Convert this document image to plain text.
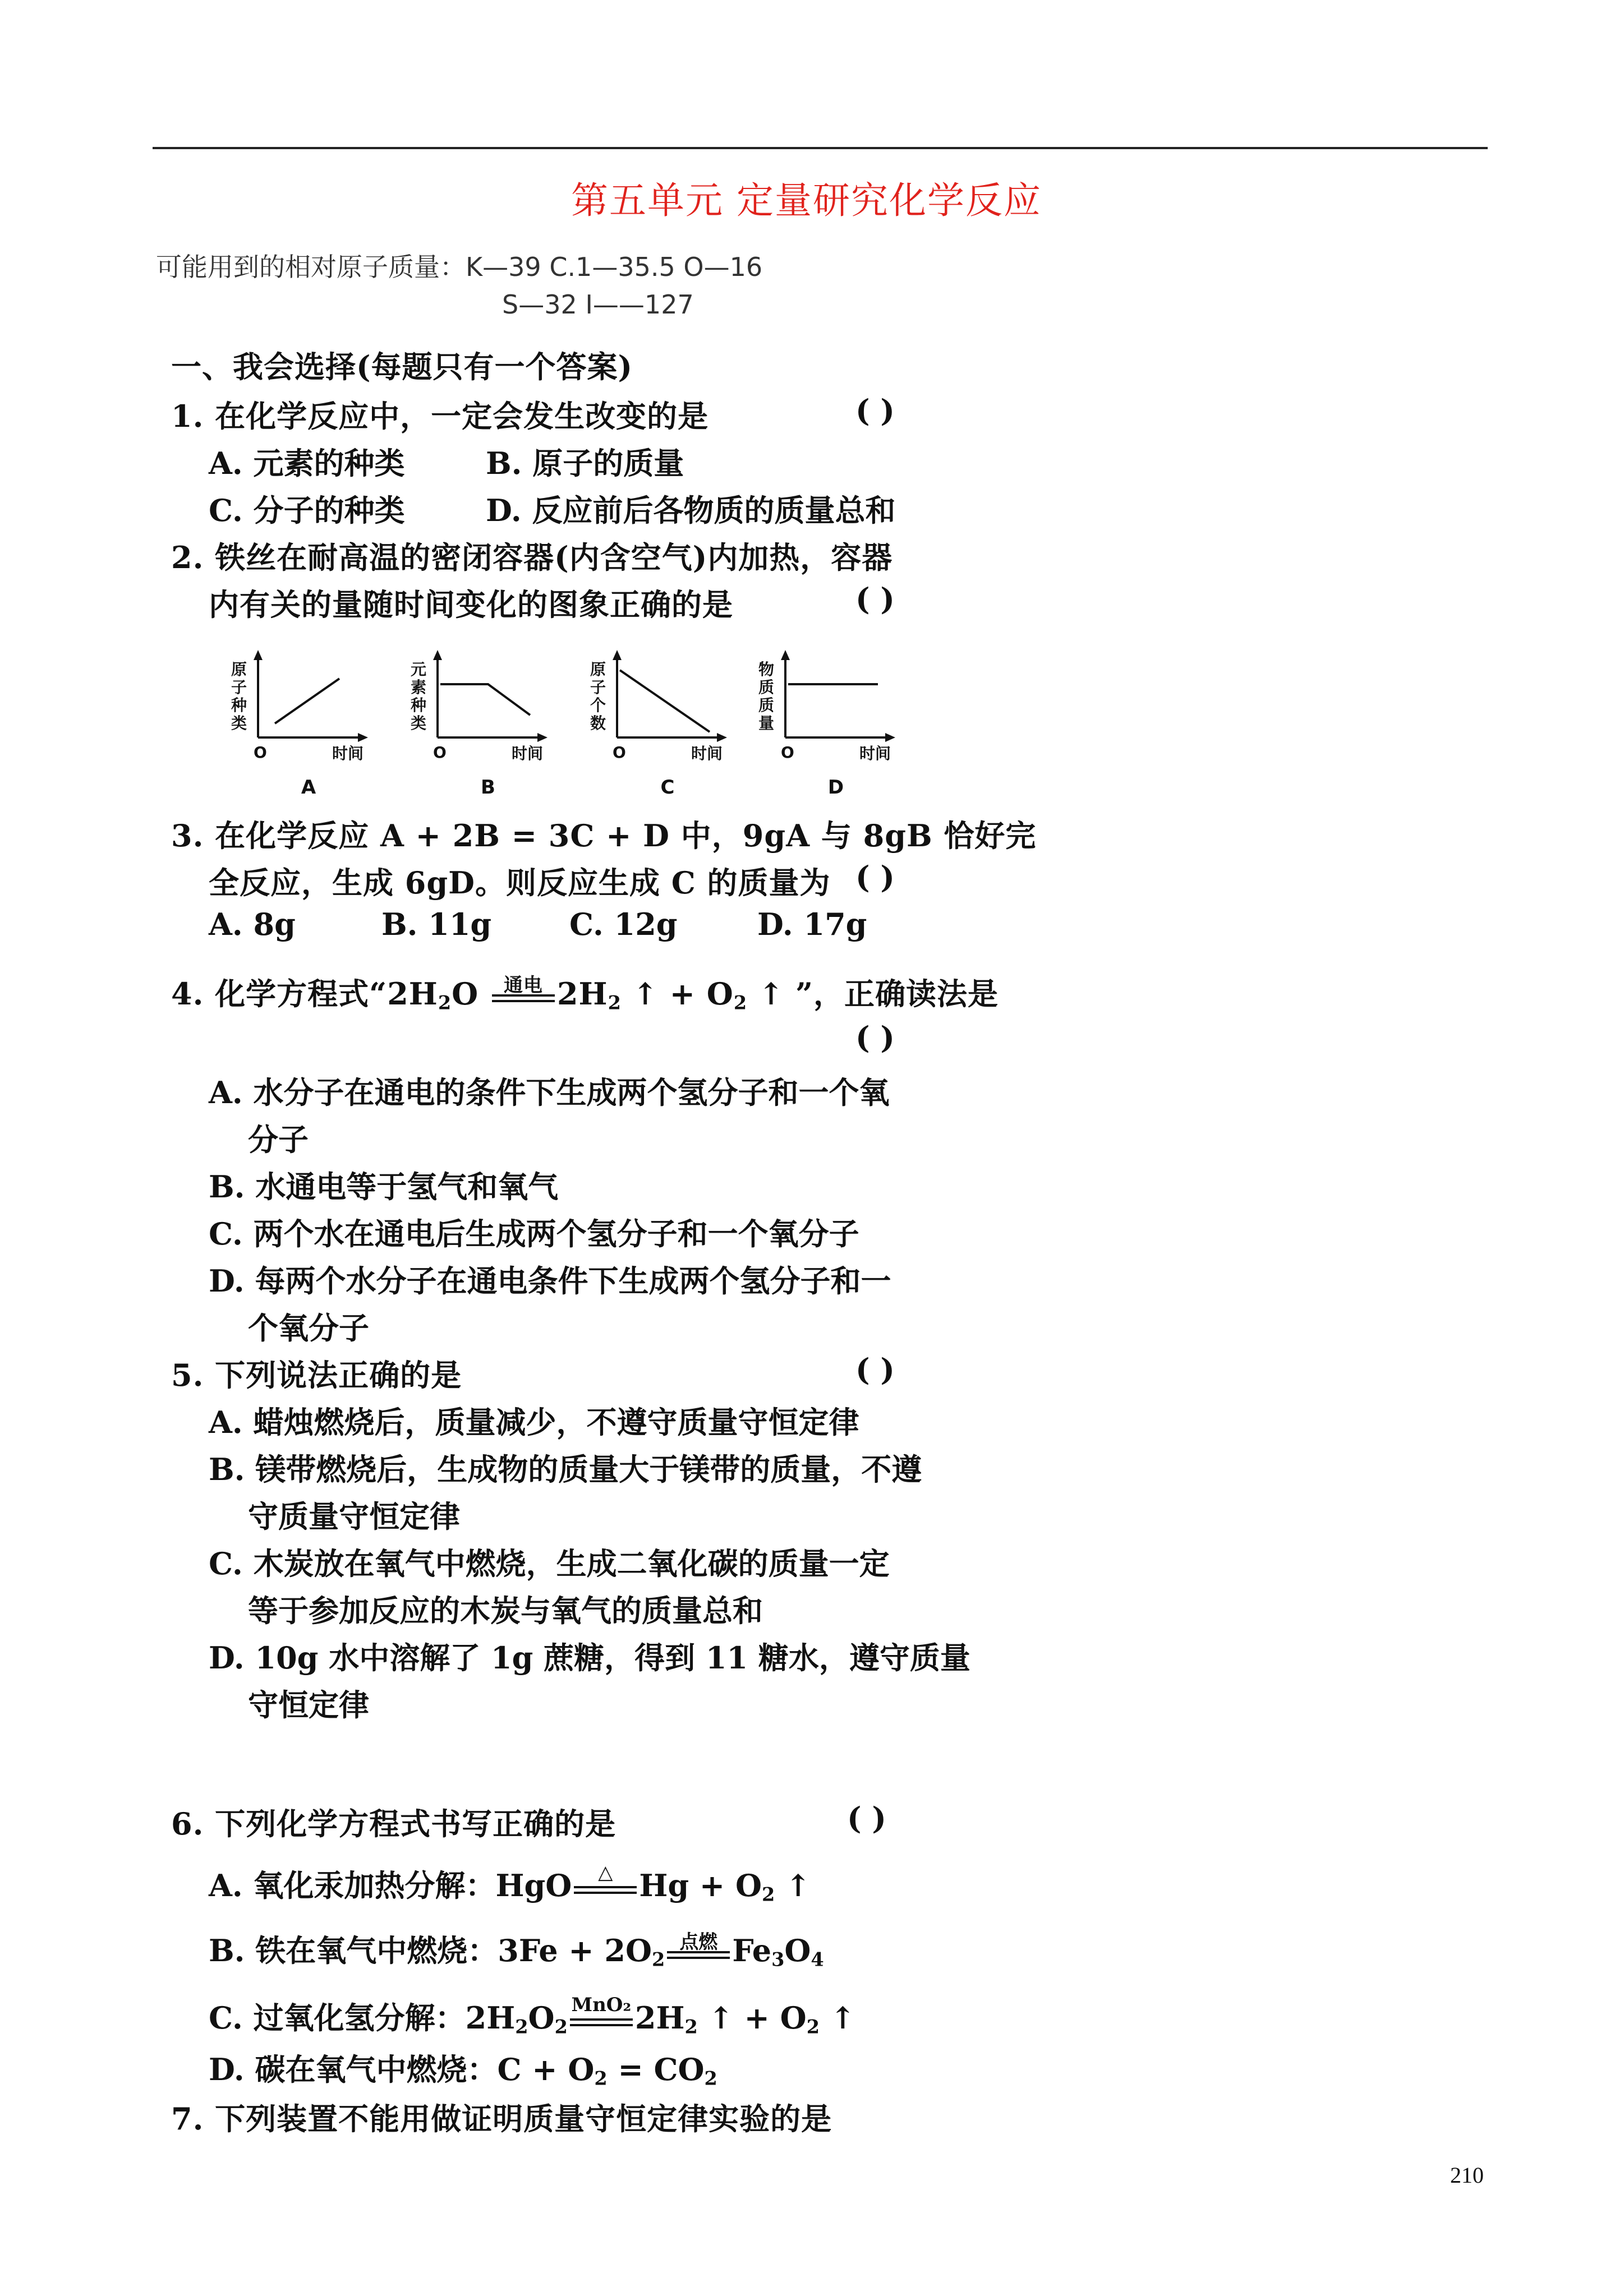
第五单元 定量研究化学反应
可能用到的相对原子质量：K—39 C.1—35.5 O—16
S—32 I——127
一、我会选择(每题只有一个答案)
1. 在化学反应中，一定会发生改变的是	( )
A. 元素的种类	B. 原子的质量
C. 分子的种类	D. 反应前后各物质的质量总和
2. 铁丝在耐高温的密闭容器(内含空气)内加热，容器
内有关的量随时间变化的图象正确的是	( )
原
子
种
类
O	时间
A
元
素
种
类
O	时间
B
原
子
个
数
O	时间
C
物
质
质
量
O	时间
D
3. 在化学反应 A + 2B = 3C + D 中，9gA 与 8gB 恰好完
全反应，生成 6gD。则反应生成 C 的质量为 ( )
A. 8g	B. 11g	C. 12g	D. 17g
4. 化学方程式“$2H_2O$	通电 $2H_2$ ↑ + $O_2$ ↑ ”，正确读法是
( )
A. 水分子在通电的条件下生成两个氢分子和一个氧
分子
B. 水通电等于氢气和氧气
C. 两个水在通电后生成两个氢分子和一个氧分子
D. 每两个水分子在通电条件下生成两个氢分子和一
个氧分子
5. 下列说法正确的是	( )
A. 蜡烛燃烧后，质量减少，不遵守质量守恒定律
B. 镁带燃烧后，生成物的质量大于镁带的质量，不遵
守质量守恒定律
C. 木炭放在氧气中燃烧，生成二氧化碳的质量一定
等于参加反应的木炭与氧气的质量总和
D. 10g 水中溶解了 1g 蔗糖，得到 11 糖水，遵守质量
守恒定律
6. 下列化学方程式书写正确的是	( )
A. 氧化汞加热分解：HgO	△ $Hg + O_2$ ↑
B. 铁在氧气中燃烧：$3Fe + 2O_2$
点燃 $Fe_3O_4$
C. 过氧化氢分解：$2H_2O_2$
MnO₂ $2H_2$ ↑ + $O_2$ ↑
D. 碳在氧气中燃烧：$C + O_2 = CO_2$
7. 下列装置不能用做证明质量守恒定律实验的是
210
